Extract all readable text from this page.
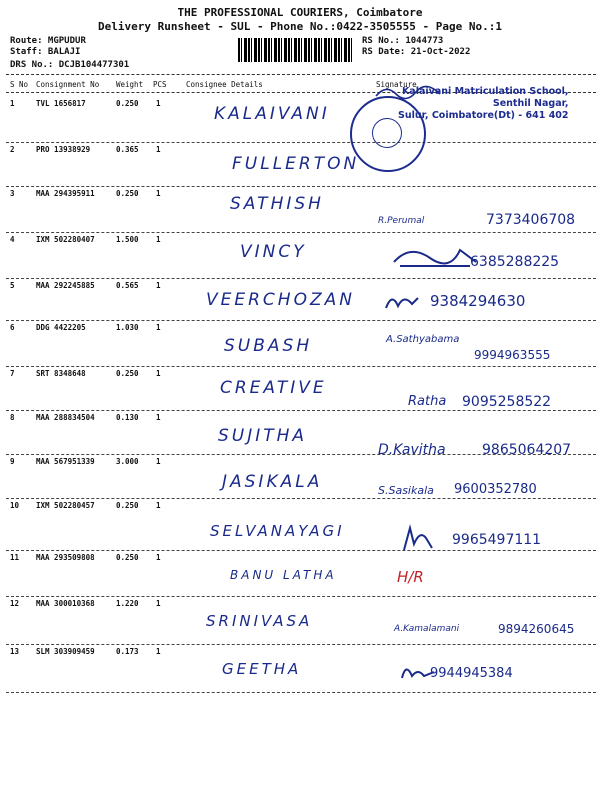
THE PROFESSIONAL COURIERS, Coimbatore
Delivery Runsheet - SUL - Phone No.:0422-3505555 - Page No.:1
Route: MGPUDUR
Staff: BALAJI
DRS No.: DCJB104477301
RS No.: 1044773
RS Date: 21-Oct-2022
S No Consignment No Weight PCS	Consignee Details	Signature
1	TVL 1656817	0.250 1
KALAIVANI
2	PRO 13938929	0.365 1
FULLERTON
3	MAA 294395911	0.250 1
SATHISH
R.Perumal	7373406708
4	IXM 502280407	1.500 1
VINCY	6385288225
5	MAA 292245885	0.565 1
VEERCHOZAN	9384294630
6	DDG 4422205	1.030 1
SUBASH	A.Sathyabama
9994963555
7	SRT 8348648	0.250 1
CREATIVE
Ratha 9095258522
8	MAA 288834504	0.130 1
SUJITHA
D.Kavitha	9865064207
9	MAA 567951339	3.000 1
JASIKALA	S.Sasikala 9600352780
10 IXM 502280457	0.250 1
SELVANAYAGI	9965497111
11 MAA 293509808	0.250 1
BANU LATHA
12 MAA 300010368	1.220 1
SRINIVASA	A.Kamalamani	9894260645
13 SLM 303909459	0.173 1
GEETHA	9944945384
Kalaivani Matriculation School,
Senthil Nagar,
Sulur, Coimbatore(Dt) - 641 402
H/R
